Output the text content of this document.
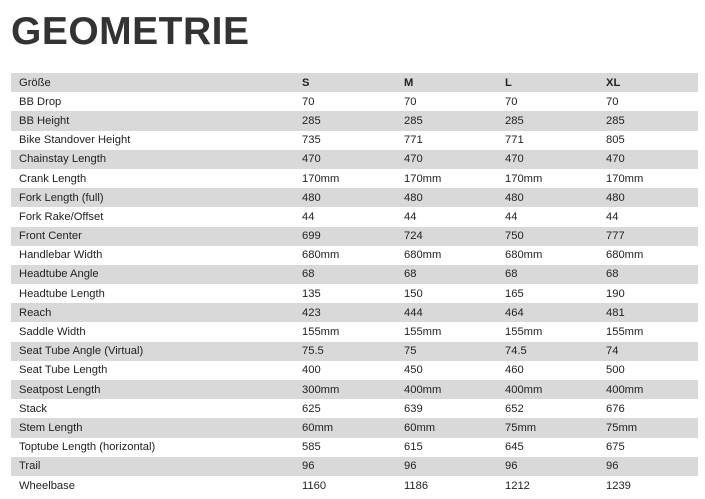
GEOMETRIE
Größe	S	M	L	XL
BB Drop	70	70	70	70
BB Height	285	285	285	285
Bike Standover Height	735	771	771	805
Chainstay Length	470	470	470	470
Crank Length	170mm	170mm	170mm	170mm
Fork Length (full)	480	480	480	480
Fork Rake/Offset	44	44	44	44
Front Center	699	724	750	777
Handlebar Width	680mm	680mm	680mm	680mm
Headtube Angle	68	68	68	68
Headtube Length	135	150	165	190
Reach	423	444	464	481
Saddle Width	155mm	155mm	155mm	155mm
Seat Tube Angle (Virtual)	75.5	75	74.5	74
Seat Tube Length	400	450	460	500
Seatpost Length	300mm	400mm	400mm	400mm
Stack	625	639	652	676
Stem Length	60mm	60mm	75mm	75mm
Toptube Length (horizontal)	585	615	645	675
Trail	96	96	96	96
Wheelbase	1160	1186	1212	1239
